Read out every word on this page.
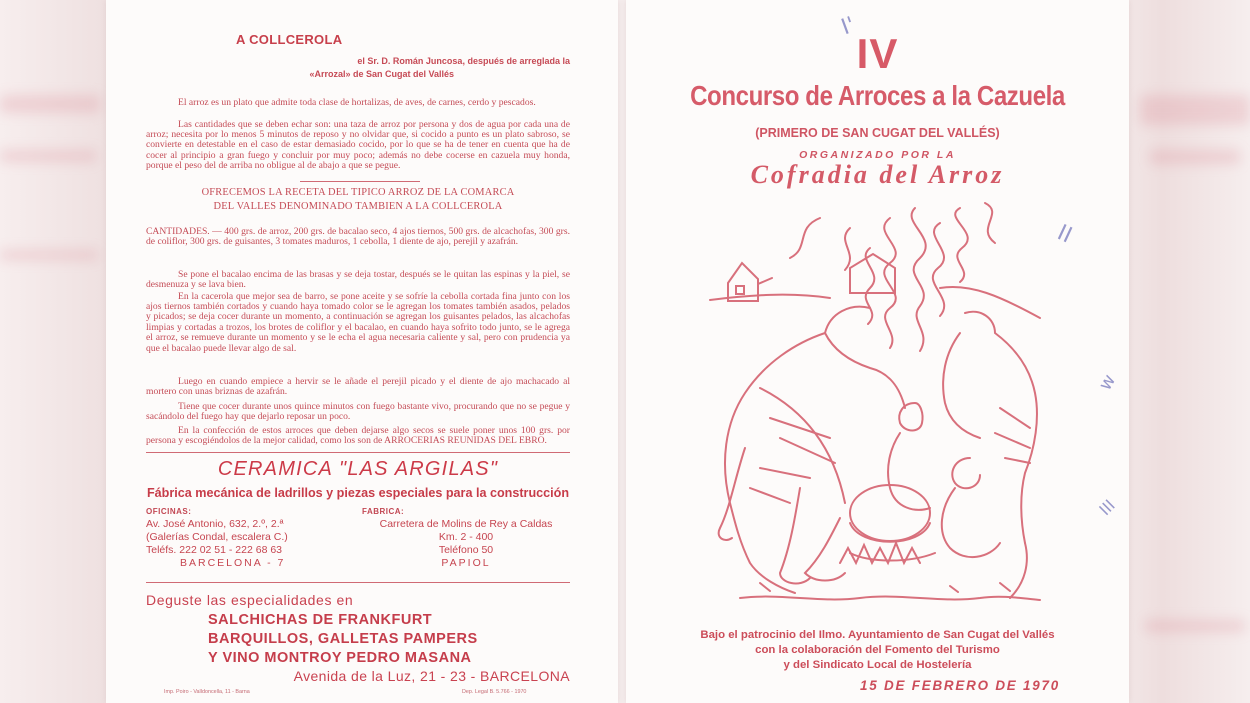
A COLLCEROLA

el Sr. D. Román Juncosa, después de arreglada la

«Arrozal» de San Cugat del Vallés

El arroz es un plato que admite toda clase de hortalizas, de aves, de carnes, cerdo y pescados.

Las cantidades que se deben echar son: una taza de arroz por persona y dos de agua por cada una de arroz; necesita por lo menos 5 minutos de reposo y no olvidar que, si cocido a punto es un plato sabroso, se convierte en detestable en el caso de estar demasiado cocido, por lo que se ha de tener en cuenta que ha de cocer al principio a gran fuego y concluir por muy poco; además no debe cocerse en cazuela muy honda, porque el peso del de arriba no obligue al de abajo a que se pegue.

OFRECEMOS LA RECETA DEL TIPICO ARROZ DE LA COMARCA

DEL VALLES DENOMINADO TAMBIEN A LA COLLCEROLA

CANTIDADES. — 400 grs. de arroz, 200 grs. de bacalao seco, 4 ajos tiernos, 500 grs. de alcachofas, 300 grs. de coliflor, 300 grs. de guisantes, 3 tomates maduros, 1 cebolla, 1 diente de ajo, perejil y azafrán.

Se pone el bacalao encima de las brasas y se deja tostar, después se le quitan las espinas y la piel, se desmenuza y se lava bien.

En la cacerola que mejor sea de barro, se pone aceite y se sofríe la cebolla cortada fina junto con los ajos tiernos también cortados y cuando haya tomado color se le agregan los tomates también asados, pelados y picados; se deja cocer durante un momento, a continuación se agregan los guisantes pelados, las alcachofas limpias y cortadas a trozos, los brotes de coliflor y el bacalao, en cuando haya sofrito todo junto, se le agrega el arroz, se remueve durante un momento y se le echa el agua necesaria caliente y sal, pero con prudencia ya que el bacalao puede llevar algo de sal.

Luego en cuando empiece a hervir se le añade el perejil picado y el diente de ajo machacado al mortero con unas briznas de azafrán.

Tiene que cocer durante unos quince minutos con fuego bastante vivo, procurando que no se pegue y sacándolo del fuego hay que dejarlo reposar un poco.

En la confección de estos arroces que deben dejarse algo secos se suele poner unos 100 grs. por persona y escogiéndolos de la mejor calidad, como los son de ARROCERIAS REUNIDAS DEL EBRO.

CERAMICA "LAS ARGILAS"

Fábrica mecánica de ladrillos y piezas especiales para la construcción

OFICINAS:

Av. José Antonio, 632, 2.º, 2.ª
(Galerías Condal, escalera C.)
Teléfs. 222 02 51 - 222 68 63
BARCELONA - 7

FABRICA:

Carretera de Molins de Rey a Caldas
Km. 2 - 400
Teléfono 50
PAPIOL

Deguste las especialidades en

SALCHICHAS DE FRANKFURT
BARQUILLOS, GALLETAS PAMPERS
Y VINO MONTROY PEDRO MASANA

Avenida de la Luz, 21 - 23 - BARCELONA

Imp. Poiro - Valldoncella, 11 - Barna	Dep. Legal B. 5.766 - 1970

IV

Concurso de Arroces a la Cazuela

(PRIMERO DE SAN CUGAT DEL VALLÉS)

ORGANIZADO POR LA

Cofradia del Arroz

Bajo el patrocinio del Ilmo. Ayuntamiento de San Cugat del Vallés
con la colaboración del Fomento del Turismo
y del Sindicato Local de Hostelería

15 DE FEBRERO DE 1970

I'
II
w
III
